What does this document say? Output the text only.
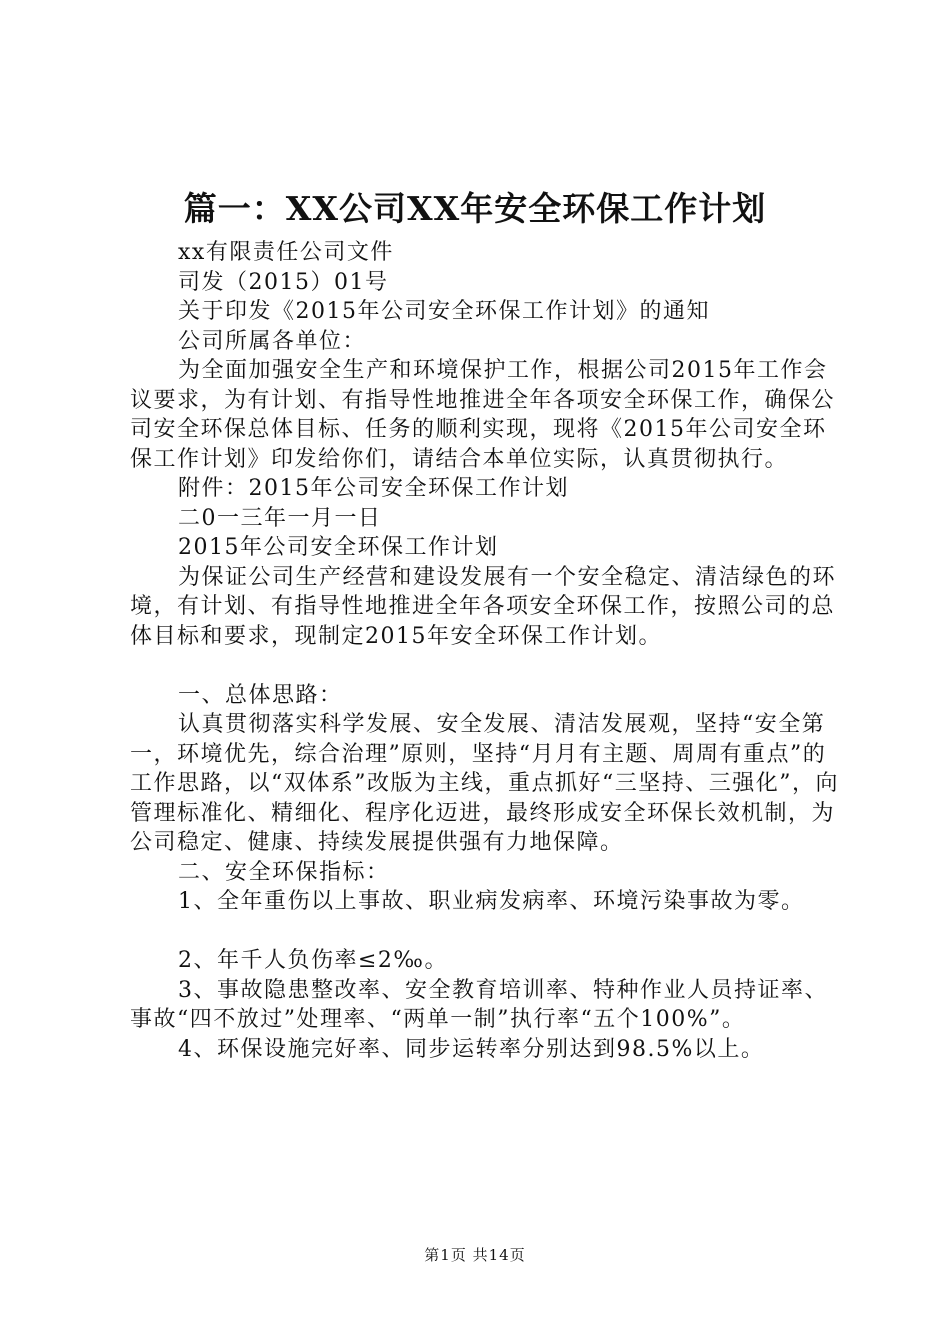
篇一：XX公司XX年安全环保工作计划

xx有限责任公司文件

司发（2015）01号

关于印发《2015年公司安全环保工作计划》的通知

公司所属各单位：

为全面加强安全生产和环境保护工作，根据公司2015年工作会议要求，为有计划、有指导性地推进全年各项安全环保工作，确保公司安全环保总体目标、任务的顺利实现，现将《2015年公司安全环保工作计划》印发给你们，请结合本单位实际，认真贯彻执行。

附件：2015年公司安全环保工作计划

二0一三年一月一日

2015年公司安全环保工作计划

为保证公司生产经营和建设发展有一个安全稳定、清洁绿色的环境，有计划、有指导性地推进全年各项安全环保工作，按照公司的总体目标和要求，现制定2015年安全环保工作计划。

一、总体思路：

认真贯彻落实科学发展、安全发展、清洁发展观，坚持“安全第一，环境优先，综合治理”原则，坚持“月月有主题、周周有重点”的工作思路，以“双体系”改版为主线，重点抓好“三坚持、三强化”，向管理标准化、精细化、程序化迈进，最终形成安全环保长效机制，为公司稳定、健康、持续发展提供强有力地保障。

二、安全环保指标：

1、全年重伤以上事故、职业病发病率、环境污染事故为零。

2、年千人负伤率≤2‰。

3、事故隐患整改率、安全教育培训率、特种作业人员持证率、事故“四不放过”处理率、“两单一制”执行率“五个100%”。

4、环保设施完好率、同步运转率分别达到98.5%以上。

第1页 共14页
